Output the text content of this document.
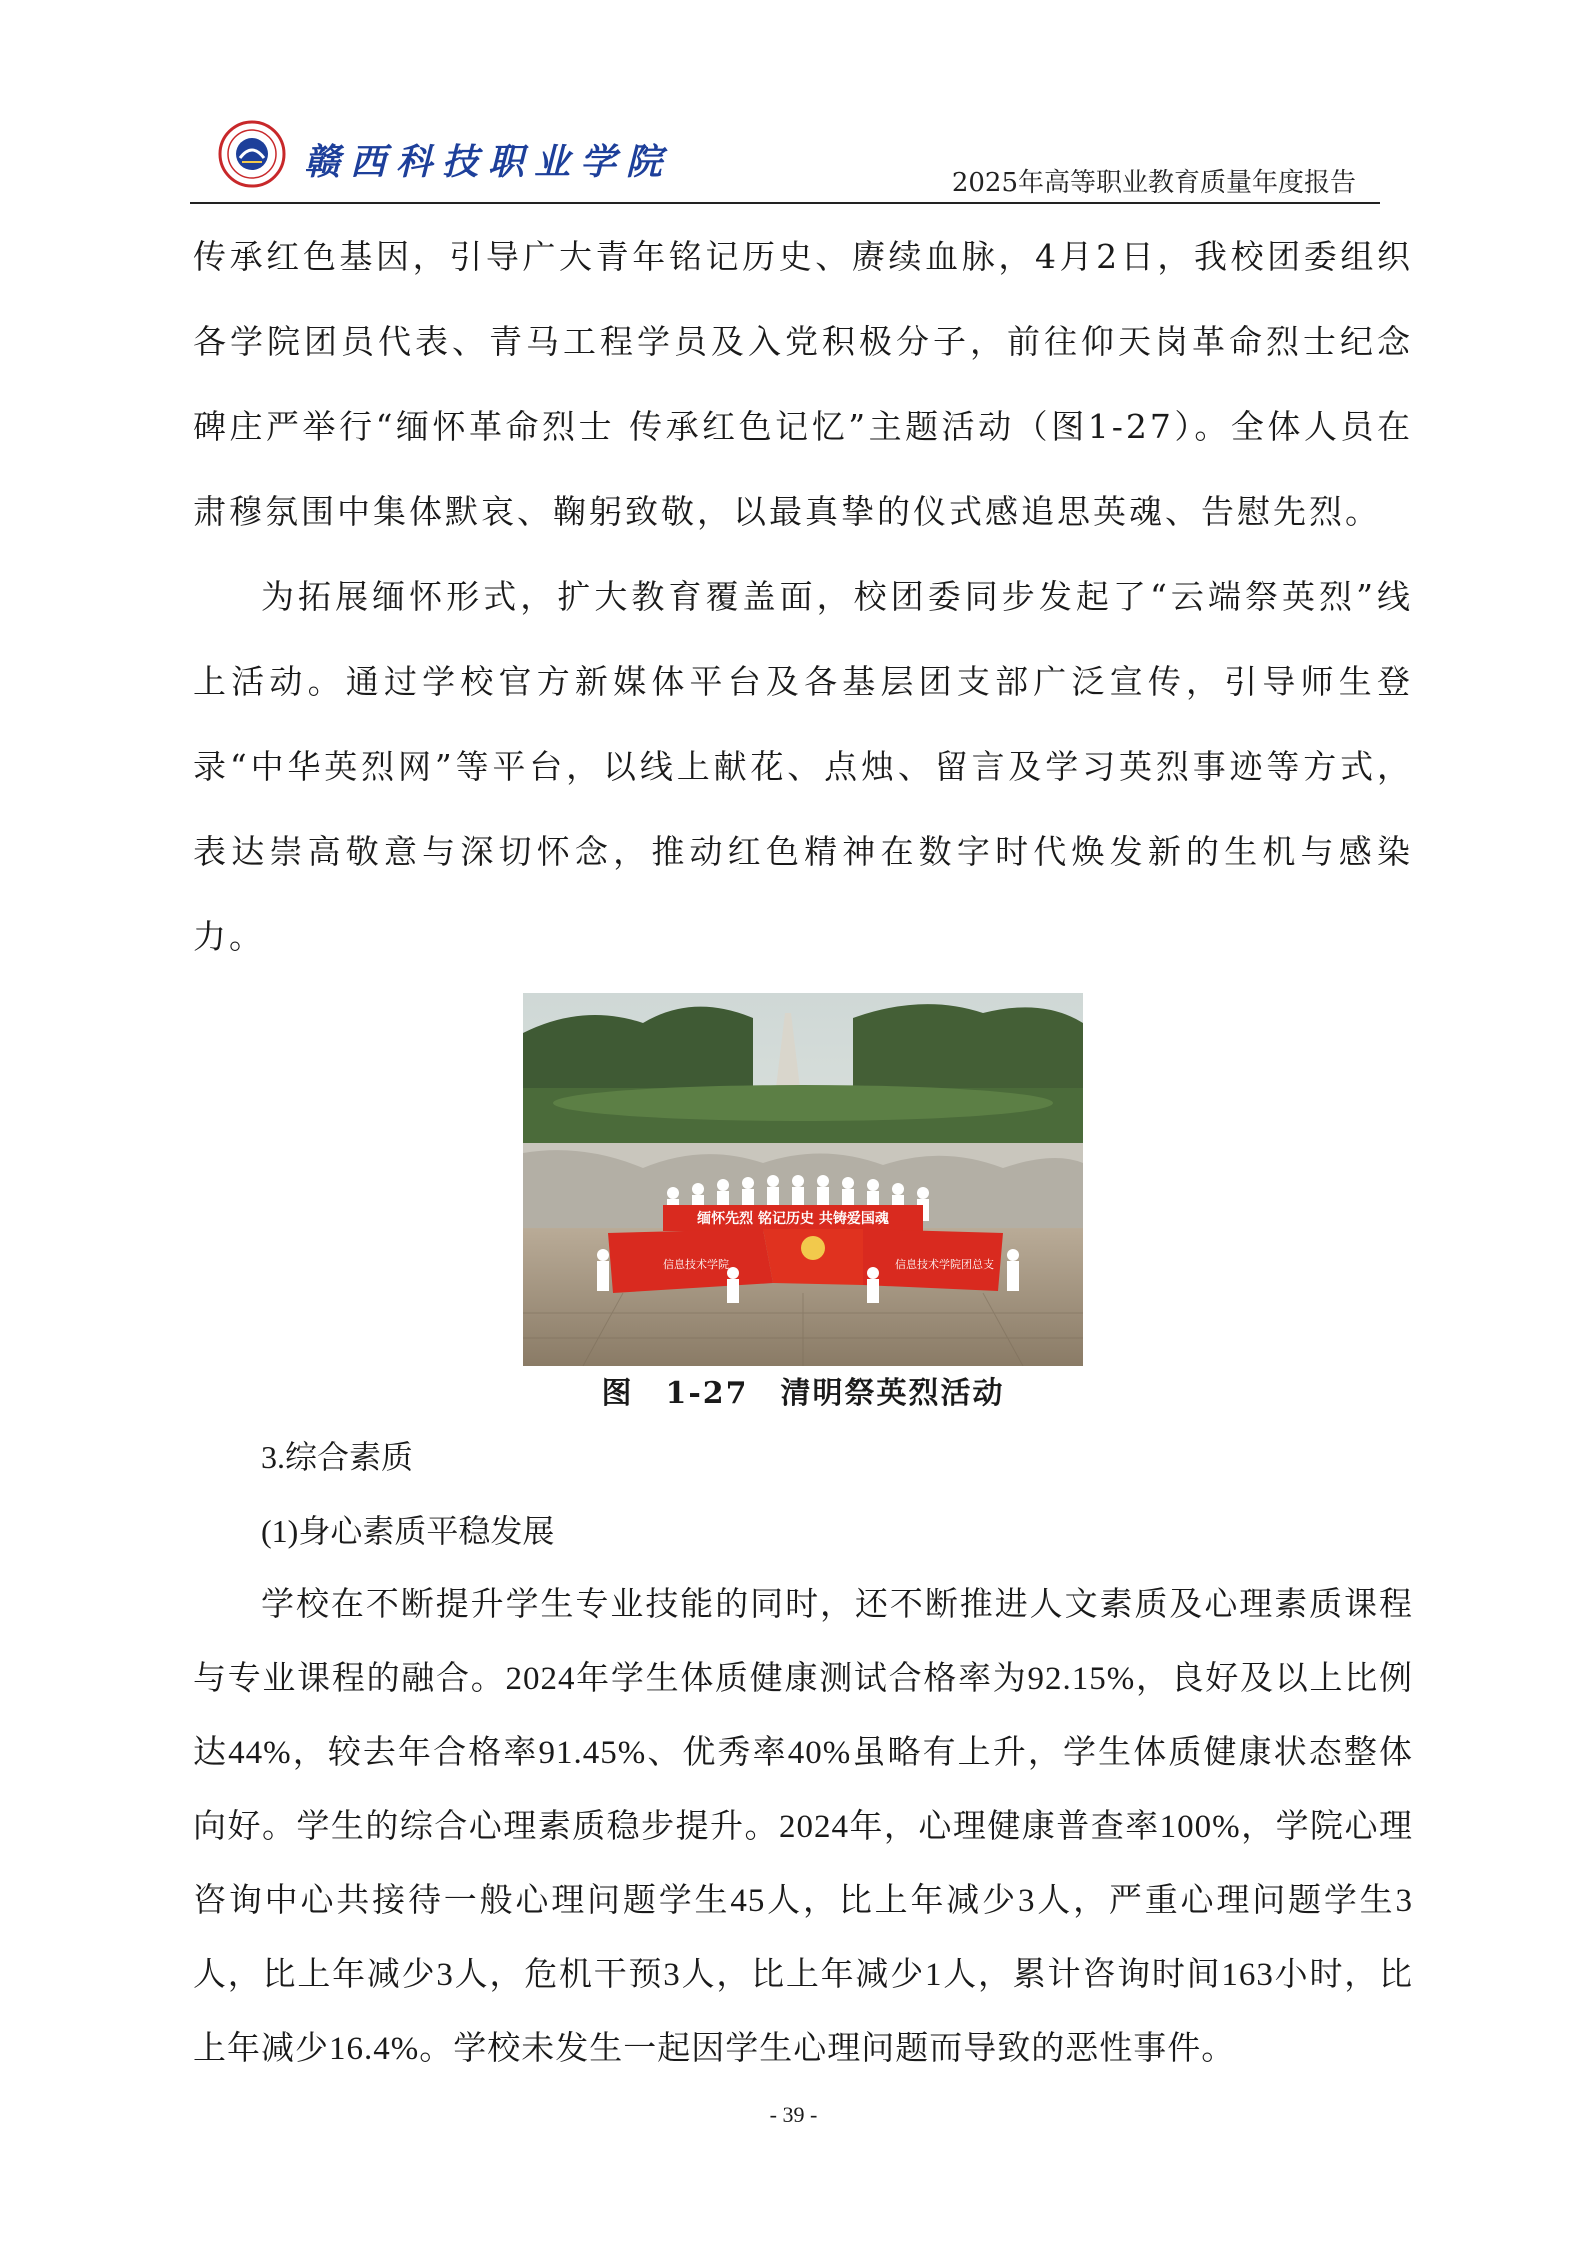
赣西科技职业学院	2025年高等职业教育质量年度报告

传承红色基因，引导广大青年铭记历史、赓续血脉，4月2日，我校团委组织各学院团员代表、青马工程学员及入党积极分子，前往仰天岗革命烈士纪念碑庄严举行“缅怀革命烈士 传承红色记忆”主题活动（图1-27）。全体人员在肃穆氛围中集体默哀、鞠躬致敬，以最真挚的仪式感追思英魂、告慰先烈。

为拓展缅怀形式，扩大教育覆盖面，校团委同步发起了“云端祭英烈”线上活动。通过学校官方新媒体平台及各基层团支部广泛宣传，引导师生登录“中华英烈网”等平台，以线上献花、点烛、留言及学习英烈事迹等方式，表达崇高敬意与深切怀念，推动红色精神在数字时代焕发新的生机与感染力。

缅怀先烈 铭记历史 共铸爱国魂
信息技术学院	信息技术学院团总支
图　1-27　清明祭英烈活动

3.综合素质

(1)身心素质平稳发展

学校在不断提升学生专业技能的同时，还不断推进人文素质及心理素质课程与专业课程的融合。2024年学生体质健康测试合格率为92.15%，良好及以上比例达44%，较去年合格率91.45%、优秀率40%虽略有上升，学生体质健康状态整体向好。学生的综合心理素质稳步提升。2024年，心理健康普查率100%，学院心理咨询中心共接待一般心理问题学生45人，比上年减少3人，严重心理问题学生3人，比上年减少3人，危机干预3人，比上年减少1人，累计咨询时间163小时，比上年减少16.4%。学校未发生一起因学生心理问题而导致的恶性事件。

- 39 -
